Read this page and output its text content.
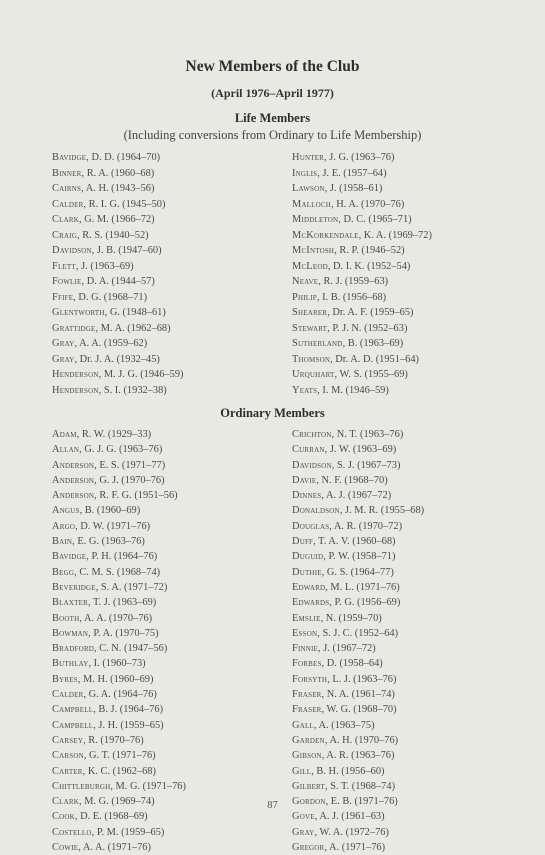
New Members of the Club
(April 1976–April 1977)
Life Members
(Including conversions from Ordinary to Life Membership)
Bavidge, D. D. (1964–70)
Binner, R. A. (1960–68)
Cairns, A. H. (1943–56)
Calder, R. I. G. (1945–50)
Clark, G. M. (1966–72)
Craig, R. S. (1940–52)
Davidson, J. B. (1947–60)
Flett, J. (1963–69)
Fowlie, D. A. (1944–57)
Ffife, D. G. (1968–71)
Glentworth, G. (1948–61)
Grattidge, M. A. (1962–68)
Gray, A. A. (1959–62)
Gray, Dr. J. A. (1932–45)
Henderson, M. J. G. (1946–59)
Henderson, S. I. (1932–38)
Hunter, J. G. (1963–76)
Inglis, J. E. (1957–64)
Lawson, J. (1958–61)
Malloch, H. A. (1970–76)
Middleton, D. C. (1965–71)
McKorkendale, K. A. (1969–72)
McIntosh, R. P. (1946–52)
McLeod, D. I. K. (1952–54)
Neave, R. J. (1959–63)
Philip, I. B. (1956–68)
Shearer, Dr. A. F. (1959–65)
Stewart, P. J. N. (1952–63)
Sutherland, B. (1963–69)
Thomson, Dr. A. D. (1951–64)
Urquhart, W. S. (1955–69)
Yeats, I. M. (1946–59)
Ordinary Members
Adam, R. W. (1929–33)
Allan, G. J. G. (1963–76)
Anderson, E. S. (1971–77)
Anderson, G. J. (1970–76)
Anderson, R. F. G. (1951–56)
Angus, B. (1960–69)
Argo, D. W. (1971–76)
Bain, E. G. (1963–76)
Bavidge, P. H. (1964–76)
Begg, C. M. S. (1968–74)
Beveridge, S. A. (1971–72)
Blaxter, T. J. (1963–69)
Booth, A. A. (1970–76)
Bowman, P. A. (1970–75)
Bradford, C. N. (1947–56)
Buthlay, I. (1960–73)
Byres, M. H. (1960–69)
Calder, G. A. (1964–76)
Campbell, B. J. (1964–76)
Campbell, J. H. (1959–65)
Carsey, R. (1970–76)
Carson, G. T. (1971–76)
Carter, K. C. (1962–68)
Chittleburgh, M. G. (1971–76)
Clark, M. G. (1969–74)
Cook, D. E. (1968–69)
Costello, P. M. (1959–65)
Cowie, A. A. (1971–76)
Crichton, N. T. (1963–76)
Curran, J. W. (1963–69)
Davidson, S. J. (1967–73)
Davie, N. F. (1968–70)
Dinnes, A. J. (1967–72)
Donaldson, J. M. R. (1955–68)
Douglas, A. R. (1970–72)
Duff, T. A. V. (1960–68)
Duguid, P. W. (1958–71)
Duthie, G. S. (1964–77)
Edward, M. L. (1971–76)
Edwards, P. G. (1956–69)
Emslie, N. (1959–70)
Esson, S. J. C. (1952–64)
Finnie, J. (1967–72)
Forbes, D. (1958–64)
Forsyth, L. J. (1963–76)
Fraser, N. A. (1961–74)
Fraser, W. G. (1968–70)
Gall, A. (1963–75)
Garden, A. H. (1970–76)
Gibson, A. R. (1963–76)
Gill, B. H. (1956–60)
Gilbert, S. T. (1968–74)
Gordon, E. B. (1971–76)
Gove, A. J. (1961–63)
Gray, W. A. (1972–76)
Gregor, A. (1971–76)
87
